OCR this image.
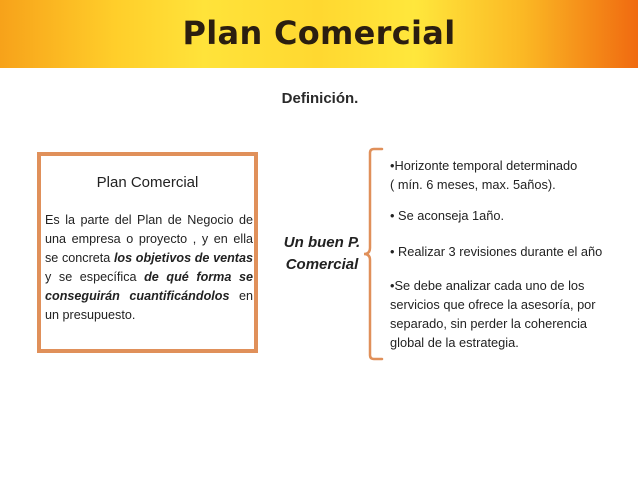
Plan Comercial
Definición.
Plan Comercial
Es la parte del Plan de Negocio de una empresa o proyecto , y en ella se concreta los objetivos de ventas y se específica de qué forma se conseguirán cuantificándolos en un presupuesto.
Un buen P.
Comercial
•Horizonte temporal determinado
( mín. 6 meses, max. 5años).
• Se aconseja 1año.
• Realizar 3 revisiones durante el año
•Se debe analizar cada uno de los
servicios que ofrece la asesoría, por
separado, sin perder la coherencia
global de la estrategia.
